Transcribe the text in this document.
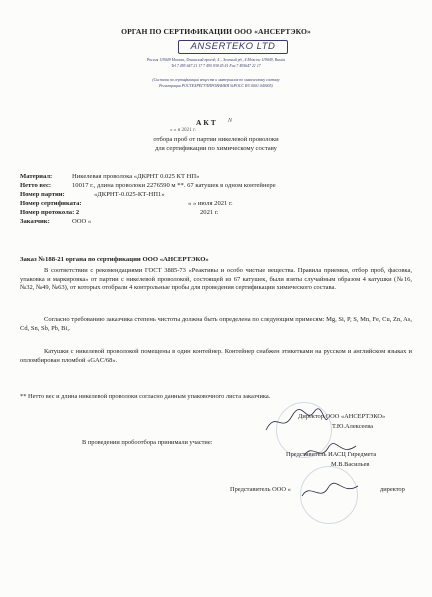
ОРГАН ПО СЕРТИФИКАЦИИ ООО «АНСЕРТЭКО»
ANSERTEKO LTD
Россия 119049 Москва, Ленинский проезд, 4 – Зеленый рд., 4 Moscow 119049, Russia
Tel 7 495 647 21 17 7 495 938 45 41 Fax 7 495647 21 17
(Система по сертификации веществ и материалов по химическому составу
Регистрация РОСТЕХРЕГУЛИРОВАНИЯ №РОСС RU.0001.040005)
АКТ N
« » я 2021 г.
отбора проб от партии никелевой проволоки
для сертификации по химическому составу
Материал:	Никелевая проволока «ДКРНТ 0.025 КТ НП»
Нетто вес:	10017 г., длина проволоки 2276590 м **. 67 катушек в одном контейнере
Номер партии:	«ДКРНТ-0.025-КТ-НП1»
Номер сертификата:	« » июля 2021 г.
Номер протокола: 2	2021 г.
Заказчик:	ООО «
Заказ №188-21 органа по сертификации ООО «АНСЕРТЭКО»
В соответствии с рекомендациями ГОСТ 3885-73 «Реактивы и особо чистые вещества. Правила приемки, отбор проб, фасовка, упаковка и маркировка» от партии с никелевой проволокой, состоящей из 67 катушек, были взяты случайным образом 4 катушки (№16, №32, №49, №63), от которых отобрали 4 контрольные пробы для проведения сертификации химического состава.
Согласно требованию заказчика степень чистоты должна быть определена по следующим примесям: Mg, Si, P, S, Mn, Fe, Cu, Zn, As, Cd, Sn, Sb, Pb, Bi,.
Катушки с никелевой проволокой помещены в один контейнер. Контейнер снабжен этикетками на русском и английском языках и опломбирован пломбой «GAC/68».
** Нетто вес и длина никелевой проволоки согласно данным упаковочного листа заказчика.
Директор ООО «АНСЕРТЭКО»
Т.Ю.Алексеева
В проведении пробоотбора принимали участие:
Представитель ИАСЦ Гиредмета
М.В.Васильев
Представитель ООО «	директор
